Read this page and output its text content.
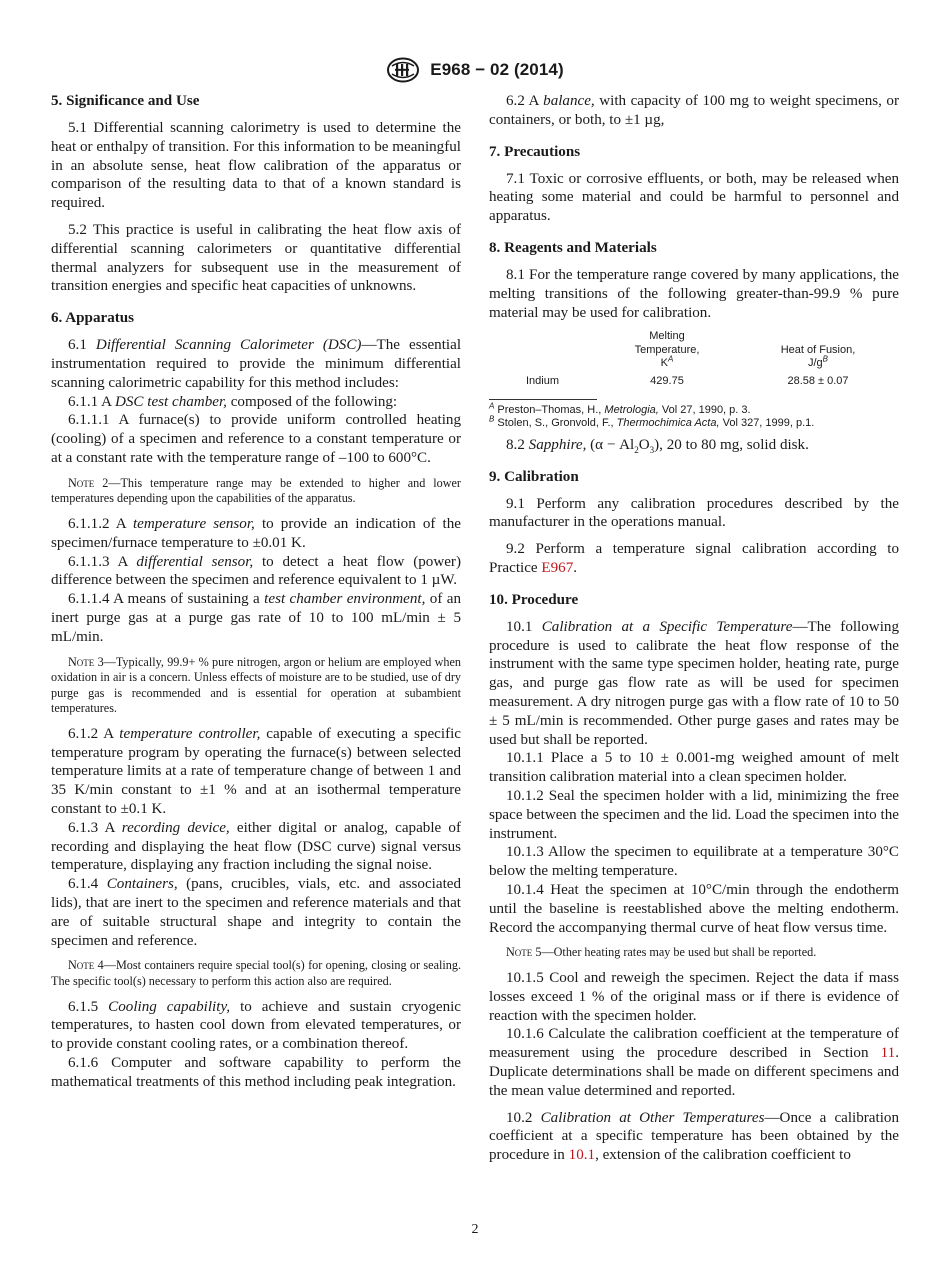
E968 − 02 (2014)

5. Significance and Use

5.1 Differential scanning calorimetry is used to determine the heat or enthalpy of transition. For this information to be meaningful in an absolute sense, heat flow calibration of the apparatus or comparison of the resulting data to that of a known standard is required.

5.2 This practice is useful in calibrating the heat flow axis of differential scanning calorimeters or quantitative differential thermal analyzers for subsequent use in the measurement of transition energies and specific heat capacities of unknowns.

6. Apparatus

6.1 Differential Scanning Calorimeter (DSC)—The essential instrumentation required to provide the minimum differential scanning calorimetric capability for this method includes:

6.1.1 A DSC test chamber, composed of the following:

6.1.1.1 A furnace(s) to provide uniform controlled heating (cooling) of a specimen and reference to a constant temperature or at a constant rate with the temperature range of –100 to 600°C.

Note 2—This temperature range may be extended to higher and lower temperatures depending upon the capabilities of the apparatus.

6.1.1.2 A temperature sensor, to provide an indication of the specimen/furnace temperature to ±0.01 K.

6.1.1.3 A differential sensor, to detect a heat flow (power) difference between the specimen and reference equivalent to 1 µW.

6.1.1.4 A means of sustaining a test chamber environment, of an inert purge gas at a purge gas rate of 10 to 100 mL/min ± 5 mL/min.

Note 3—Typically, 99.9+ % pure nitrogen, argon or helium are employed when oxidation in air is a concern. Unless effects of moisture are to be studied, use of dry purge gas is recommended and is essential for operation at subambient temperatures.

6.1.2 A temperature controller, capable of executing a specific temperature program by operating the furnace(s) between selected temperature limits at a rate of temperature change of between 1 and 35 K/min constant to ±1 % and at an isothermal temperature constant to ±0.1 K.

6.1.3 A recording device, either digital or analog, capable of recording and displaying the heat flow (DSC curve) signal versus temperature, displaying any fraction including the signal noise.

6.1.4 Containers, (pans, crucibles, vials, etc. and associated lids), that are inert to the specimen and reference materials and that are of suitable structural shape and integrity to contain the specimen and reference.

Note 4—Most containers require special tool(s) for opening, closing or sealing. The specific tool(s) necessary to perform this action also are required.

6.1.5 Cooling capability, to achieve and sustain cryogenic temperatures, to hasten cool down from elevated temperatures, or to provide constant cooling rates, or a combination thereof.

6.1.6 Computer and software capability to perform the mathematical treatments of this method including peak integration.

6.2 A balance, with capacity of 100 mg to weight specimens, or containers, or both, to ±1 µg,

7. Precautions

7.1 Toxic or corrosive effluents, or both, may be released when heating some material and could be harmful to personnel and apparatus.

8. Reagents and Materials

8.1 For the temperature range covered by many applications, the melting transitions of the following greater-than-99.9 % pure material may be used for calibration.

Melting
Temperature,
$K^A$
Heat of Fusion,
$J/g^B$
Indium	429.75	28.58 ± 0.07

$^A$ Preston–Thomas, H., Metrologia, Vol 27, 1990, p. 3.

$^B$ Stolen, S., Gronvold, F., Thermochimica Acta, Vol 327, 1999, p.1.

8.2 Sapphire, $(\alpha - Al_2O_3)$, 20 to 80 mg, solid disk.

9. Calibration

9.1 Perform any calibration procedures described by the manufacturer in the operations manual.

9.2 Perform a temperature signal calibration according to Practice E967.

10. Procedure

10.1 Calibration at a Specific Temperature—The following procedure is used to calibrate the heat flow response of the instrument with the same type specimen holder, heating rate, purge gas, and purge gas flow rate as will be used for specimen measurement. A dry nitrogen purge gas with a flow rate of 10 to 50 ± 5 mL/min is recommended. Other purge gases and rates may be used but shall be reported.

10.1.1 Place a 5 to 10 ± 0.001-mg weighed amount of melt transition calibration material into a clean specimen holder.

10.1.2 Seal the specimen holder with a lid, minimizing the free space between the specimen and the lid. Load the specimen into the instrument.

10.1.3 Allow the specimen to equilibrate at a temperature 30°C below the melting temperature.

10.1.4 Heat the specimen at 10°C/min through the endotherm until the baseline is reestablished above the melting endotherm. Record the accompanying thermal curve of heat flow versus time.

Note 5—Other heating rates may be used but shall be reported.

10.1.5 Cool and reweigh the specimen. Reject the data if mass losses exceed 1 % of the original mass or if there is evidence of reaction with the specimen holder.

10.1.6 Calculate the calibration coefficient at the temperature of measurement using the procedure described in Section 11. Duplicate determinations shall be made on different specimens and the mean value determined and reported.

10.2 Calibration at Other Temperatures—Once a calibration coefficient at a specific temperature has been obtained by the procedure in 10.1, extension of the calibration coefficient to

2
